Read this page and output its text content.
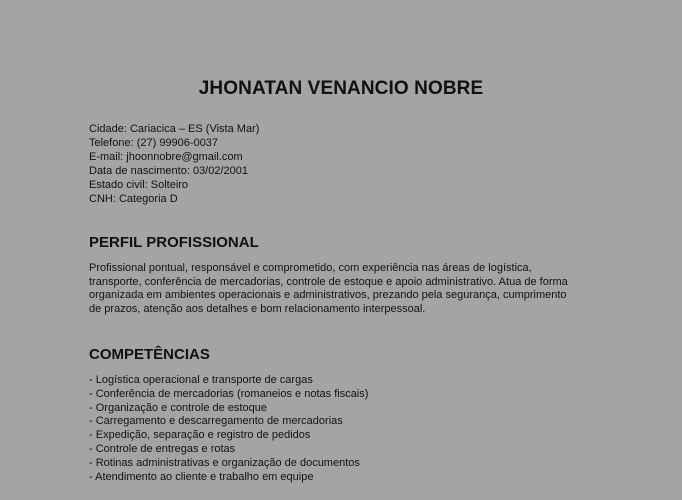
JHONATAN VENANCIO NOBRE
Cidade: Cariacica – ES (Vista Mar)
Telefone: (27) 99906-0037
E-mail: jhoonnobre@gmail.com
Data de nascimento: 03/02/2001
Estado civil: Solteiro
CNH: Categoria D
PERFIL PROFISSIONAL
Profissional pontual, responsável e comprometido, com experiência nas áreas de logística,
transporte, conferência de mercadorias, controle de estoque e apoio administrativo. Atua de forma
organizada em ambientes operacionais e administrativos, prezando pela segurança, cumprimento
de prazos, atenção aos detalhes e bom relacionamento interpessoal.
COMPETÊNCIAS
- Logística operacional e transporte de cargas
- Conferência de mercadorias (romaneios e notas fiscais)
- Organização e controle de estoque
- Carregamento e descarregamento de mercadorias
- Expedição, separação e registro de pedidos
- Controle de entregas e rotas
- Rotinas administrativas e organização de documentos
- Atendimento ao cliente e trabalho em equipe
